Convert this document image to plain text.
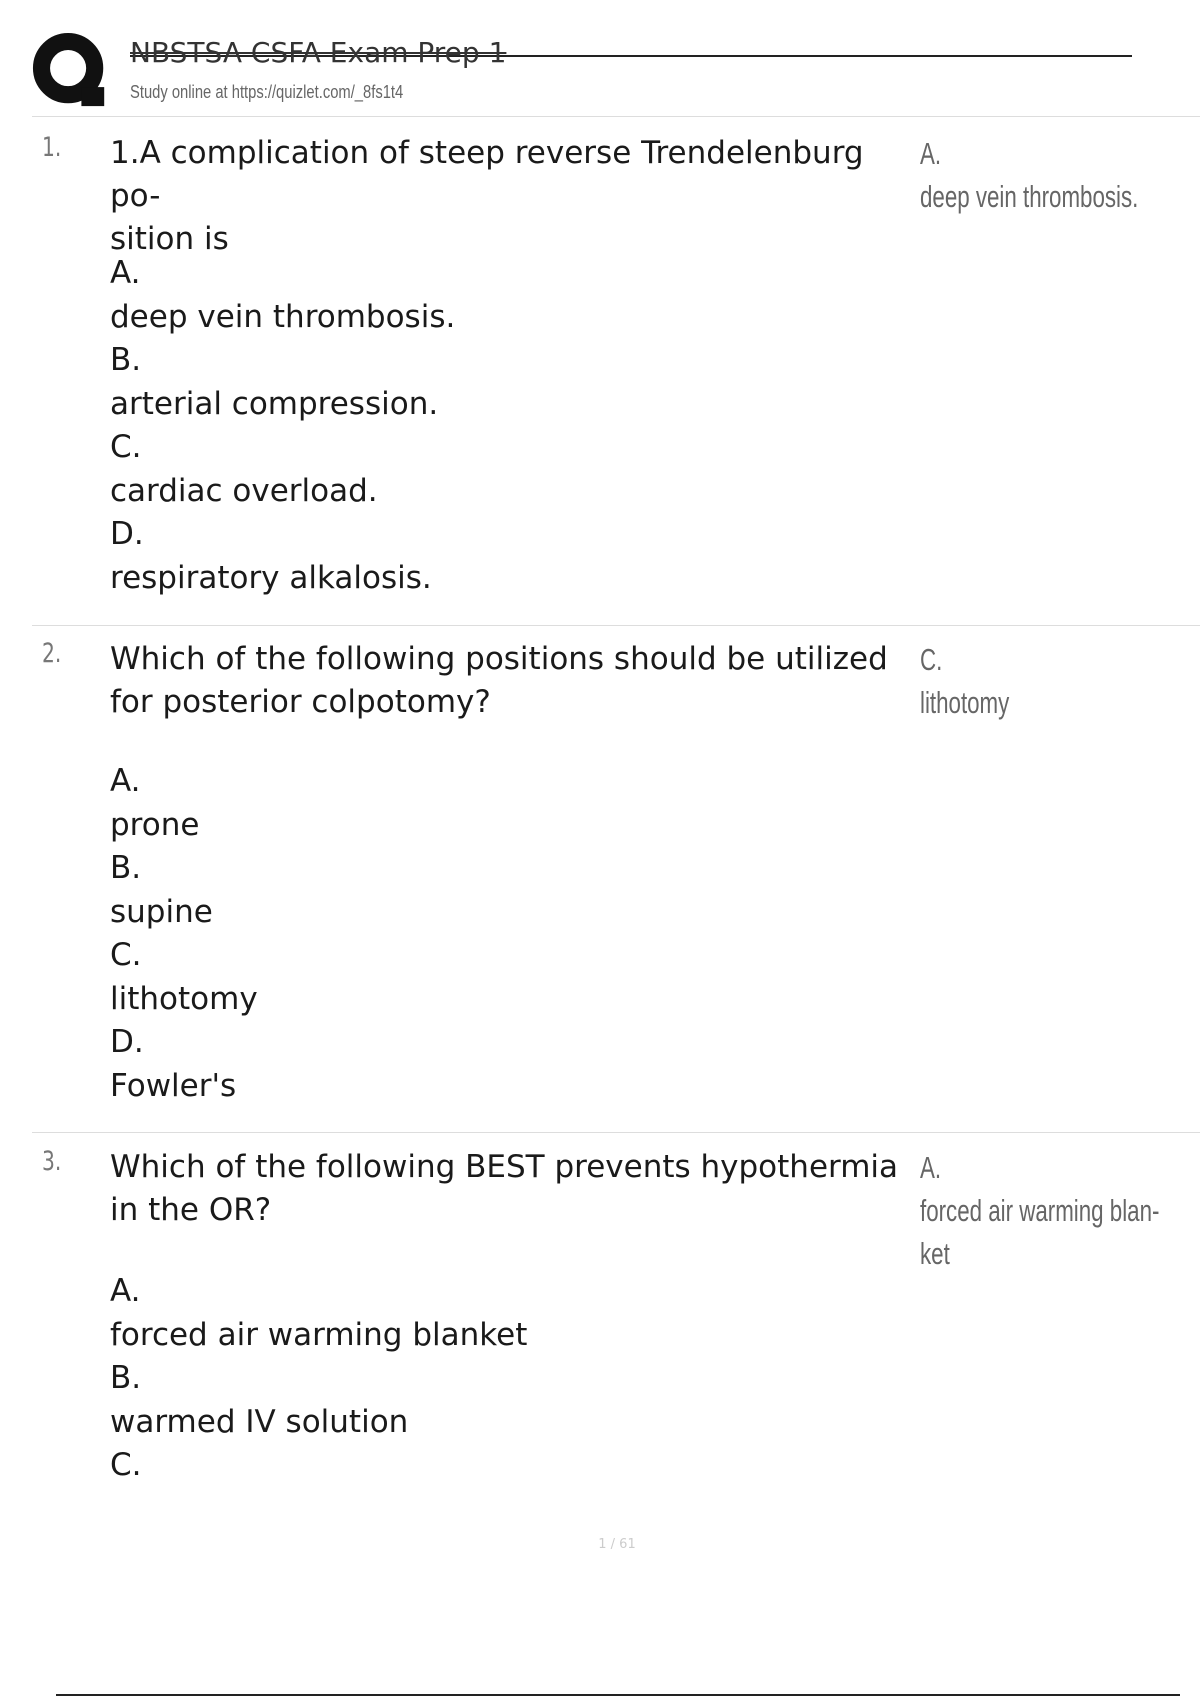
NBSTSA CSFA Exam Prep 1
Study online at https://quizlet.com/_8fs1t4
1. 1.A complication of steep reverse Trendelenburg po-
sition is
A.
deep vein thrombosis.
B.
arterial compression.
C.
cardiac overload.
D.
respiratory alkalosis.
A.
deep vein thrombosis.
2. Which of the following positions should be utilized for posterior colpotomy?
A.
prone
B.
supine
C.
lithotomy
D.
Fowler's
C.
lithotomy
3. Which of the following BEST prevents hypothermia in the OR?
A.
forced air warming blanket
B.
warmed IV solution
C.
A.
forced air warming blan-
ket
1 / 61
